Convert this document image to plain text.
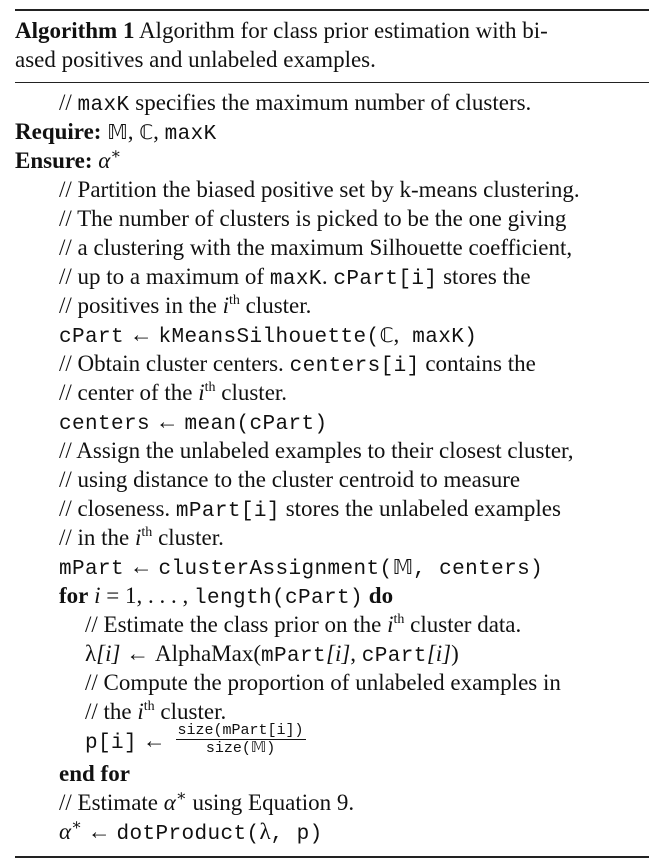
Algorithm 1 Algorithm for class prior estimation with bi-
ased positives and unlabeled examples.
// maxK specifies the maximum number of clusters.
Require: 𝕄, ℂ, maxK
Ensure: α∗
// Partition the biased positive set by k-means clustering.
// The number of clusters is picked to be the one giving
// a clustering with the maximum Silhouette coefficient,
// up to a maximum of maxK. cPart[i] stores the
// positives in the $i^{th}$ cluster.
cPart ← kMeansSilhouette(ℂ, maxK)
// Obtain cluster centers. centers[i] contains the
// center of the $i^{th}$ cluster.
centers ← mean(cPart)
// Assign the unlabeled examples to their closest cluster,
// using distance to the cluster centroid to measure
// closeness. mPart[i] stores the unlabeled examples
// in the $i^{th}$ cluster.
mPart ← clusterAssignment(𝕄, centers)
for i = 1, . . . , length(cPart) do
// Estimate the class prior on the $i^{th}$ cluster data.
λ[i] ← AlphaMax(mPart[i], cPart[i])
// Compute the proportion of unlabeled examples in
// the $i^{th}$ cluster.
p[i] ← $\frac{\text{size(mPart[i])}}{\text{size(𝕄)}}$
end for
// Estimate α∗ using Equation 9.
α∗ ← dotProduct(λ, p)
